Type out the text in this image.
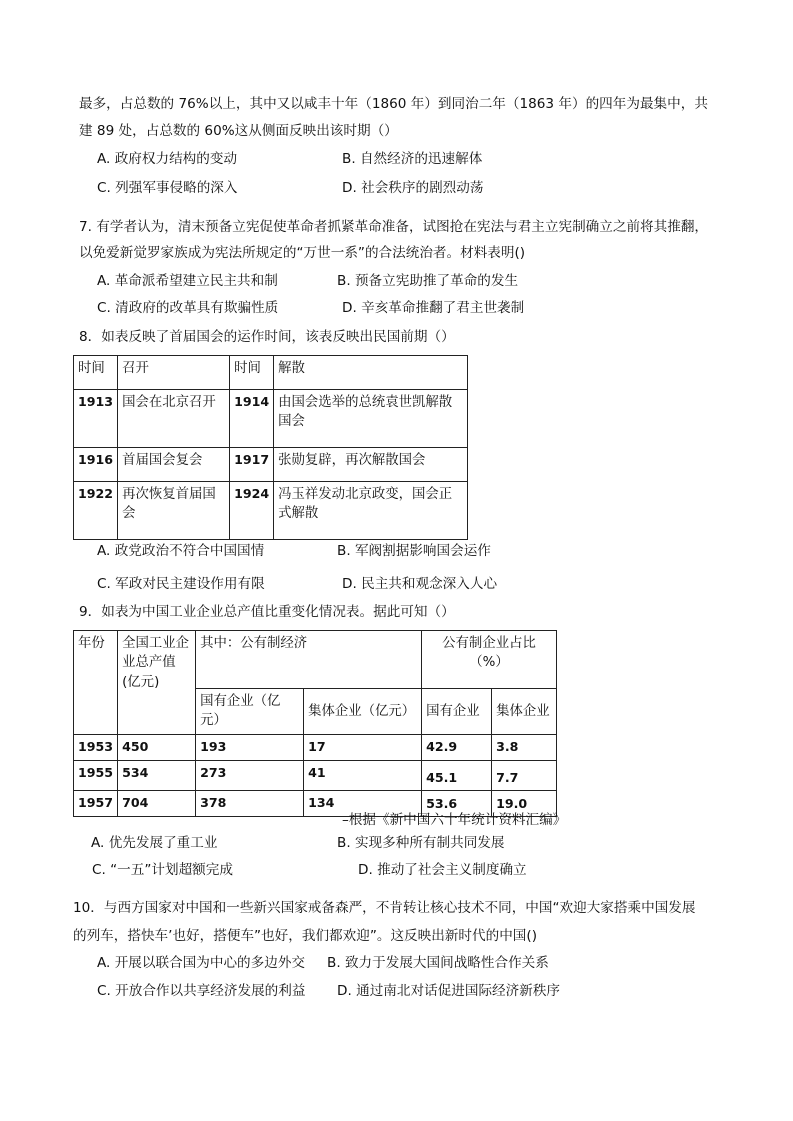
最多，占总数的 76%以上，其中又以咸丰十年（1860 年）到同治二年（1863 年）的四年为最集中，共
建 89 处，占总数的 60%这从侧面反映出该时期（）
A. 政府权力结构的变动	B. 自然经济的迅速解体
C. 列强军事侵略的深入	D. 社会秩序的剧烈动荡
7. 有学者认为，清末预备立宪促使革命者抓紧革命准备，试图抢在宪法与君主立宪制确立之前将其推翻，
以免爱新觉罗家族成为宪法所规定的“万世一系”的合法统治者。材料表明()
A. 革命派希望建立民主共和制	B. 预备立宪助推了革命的发生
C. 清政府的改革具有欺骗性质	D. 辛亥革命推翻了君主世袭制
8．如表反映了首届国会的运作时间，该表反映出民国前期（）
时间	召开	时间	解散
1913	国会在北京召开	1914	由国会选举的总统袁世凯解散国会
1916	首届国会复会	1917	张勋复辟，再次解散国会
1922	再次恢复首届国会	1924	冯玉祥发动北京政变，国会正式解散
A. 政党政治不符合中国国情	B. 军阀割据影响国会运作
C. 军政对民主建设作用有限	D. 民主共和观念深入人心
9．如表为中国工业企业总产值比重变化情况表。据此可知（）
年份	全国工业企业总产值(亿元)	其中：公有制经济		公有制企业占比（%）	
		国有企业（亿元）	集体企业（亿元）	国有企业	集体企业
1953	450	193	17	42.9	3.8
1955	534	273	41	45.1	7.7
1957	704	378	134	53.6	19.0
–根据《新中国六十年统计资料汇编》
A. 优先发展了重工业	B. 实现多种所有制共同发展
C. “一五”计划超额完成	D. 推动了社会主义制度确立
10．与西方国家对中国和一些新兴国家戒备森严，不肯转让核心技术不同，中国“欢迎大家搭乘中国发展
的列车，搭快车’也好，搭便车”也好，我们都欢迎”。这反映出新时代的中国()
A. 开展以联合国为中心的多边外交 B. 致力于发展大国间战略性合作关系
C. 开放合作以共享经济发展的利益 D. 通过南北对话促进国际经济新秩序
